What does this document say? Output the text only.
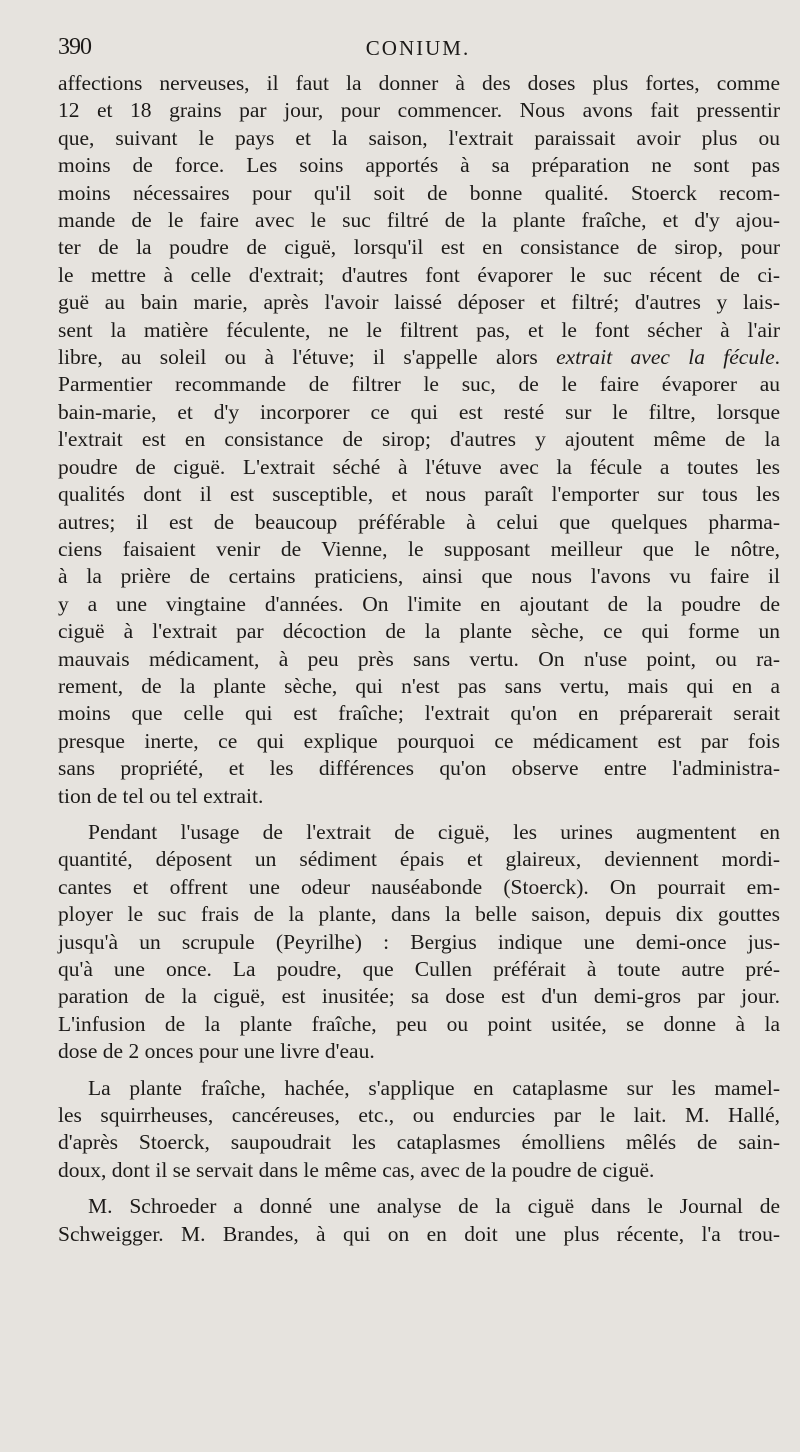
390	CONIUM.
affections nerveuses, il faut la donner à des doses plus fortes, comme
12 et 18 grains par jour, pour commencer. Nous avons fait pressentir
que, suivant le pays et la saison, l'extrait paraissait avoir plus ou
moins de force. Les soins apportés à sa préparation ne sont pas
moins nécessaires pour qu'il soit de bonne qualité. Stoerck recom-
mande de le faire avec le suc filtré de la plante fraîche, et d'y ajou-
ter de la poudre de ciguë, lorsqu'il est en consistance de sirop, pour
le mettre à celle d'extrait; d'autres font évaporer le suc récent de ci-
guë au bain marie, après l'avoir laissé déposer et filtré; d'autres y lais-
sent la matière féculente, ne le filtrent pas, et le font sécher à l'air
libre, au soleil ou à l'étuve; il s'appelle alors extrait avec la fécule.
Parmentier recommande de filtrer le suc, de le faire évaporer au
bain-marie, et d'y incorporer ce qui est resté sur le filtre, lorsque
l'extrait est en consistance de sirop; d'autres y ajoutent même de la
poudre de ciguë. L'extrait séché à l'étuve avec la fécule a toutes les
qualités dont il est susceptible, et nous paraît l'emporter sur tous les
autres; il est de beaucoup préférable à celui que quelques pharma-
ciens faisaient venir de Vienne, le supposant meilleur que le nôtre,
à la prière de certains praticiens, ainsi que nous l'avons vu faire il
y a une vingtaine d'années. On l'imite en ajoutant de la poudre de
ciguë à l'extrait par décoction de la plante sèche, ce qui forme un
mauvais médicament, à peu près sans vertu. On n'use point, ou ra-
rement, de la plante sèche, qui n'est pas sans vertu, mais qui en a
moins que celle qui est fraîche; l'extrait qu'on en préparerait serait
presque inerte, ce qui explique pourquoi ce médicament est par fois
sans propriété, et les différences qu'on observe entre l'administra-
tion de tel ou tel extrait.
Pendant l'usage de l'extrait de ciguë, les urines augmentent en
quantité, déposent un sédiment épais et glaireux, deviennent mordi-
cantes et offrent une odeur nauséabonde (Stoerck). On pourrait em-
ployer le suc frais de la plante, dans la belle saison, depuis dix gouttes
jusqu'à un scrupule (Peyrilhe) : Bergius indique une demi-once jus-
qu'à une once. La poudre, que Cullen préférait à toute autre pré-
paration de la ciguë, est inusitée; sa dose est d'un demi-gros par jour.
L'infusion de la plante fraîche, peu ou point usitée, se donne à la
dose de 2 onces pour une livre d'eau.
La plante fraîche, hachée, s'applique en cataplasme sur les mamel-
les squirrheuses, cancéreuses, etc., ou endurcies par le lait. M. Hallé,
d'après Stoerck, saupoudrait les cataplasmes émolliens mêlés de sain-
doux, dont il se servait dans le même cas, avec de la poudre de ciguë.
M. Schroeder a donné une analyse de la ciguë dans le Journal de
Schweigger. M. Brandes, à qui on en doit une plus récente, l'a trou-
